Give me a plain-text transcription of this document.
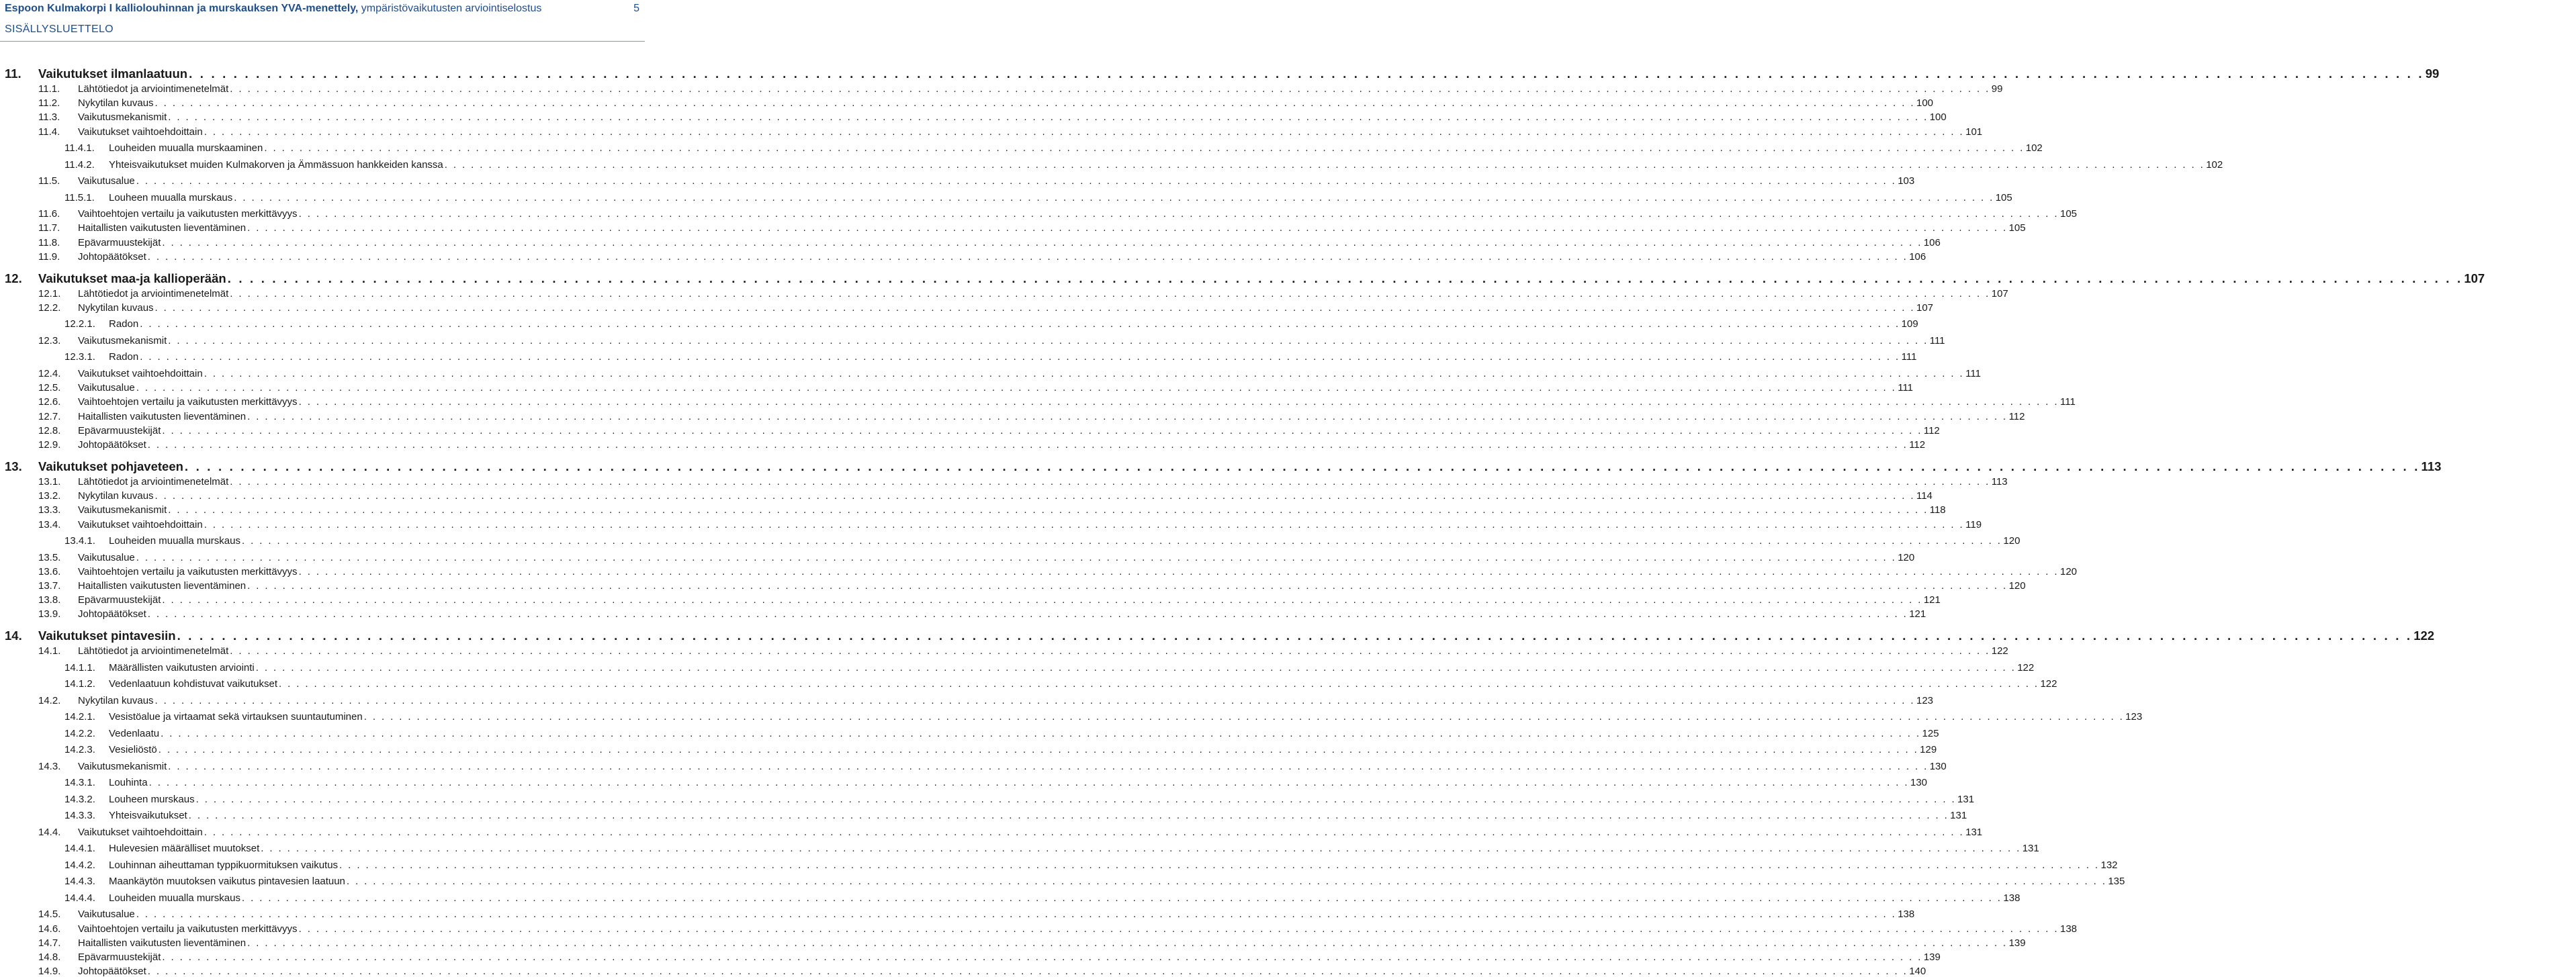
Espoon Kulmakorpi I kalliolouhinnan ja murskauksen YVA-menettely, ympäristövaikutusten arviointiselostus
SISÄLLYSLUETTELO
5
11. Vaikutukset ilmanlaatuun . . . . . . . . . . . . . . . . . . . . . . . . . . . . . . . . . . . . . . . . . . . . . . . . . . . . . . . . . . . . . . . . . . . . . . . . . . . . . . . . . . . . . . . . . . . . . . . . . . . . . . . . . . . . . . . . . . . . . . . . . . . . . . . . . . . . . . . . . . . . . . . . . . . . . . . . . . . . . . . . . . . . . . . . . . . . . . . . . . . . . . . . . . . . . . . . . . . . . . . . 99
11.1. Lähtötiedot ja arviointimenetelmät . . . . . . . . . . . . . . . . . . . . . . . . . . . . . . . . . . . . . . . . . . . . . . . . . . . . . . . . . . . . . . . . . . . . . . . . . . . . . . . . . . . . . . . . . . . . . . . . . . . . . . . . . . . . . . . . . . . . . . . . . . . . . . . . . . . . . . . . . . . . . . . . . . . . . . . . . . . . . . . . . . . . . . . . . . . . . . . . . . . . . . . . . . . . . . . . . . . . . . . . 99
11.2. Nykytilan kuvaus . . . . . . . . . . . . . . . . . . . . . . . . . . . . . . . . . . . . . . . . . . . . . . . . . . . . . . . . . . . . . . . . . . . . . . . . . . . . . . . . . . . . . . . . . . . . . . . . . . . . . . . . . . . . . . . . . . . . . . . . . . . . . . . . . . . . . . . . . . . . . . . . . . . . . . . . . . . . . . . . . . . . . . . . . . . . . . . . . . . . . . . . . . . . . . . . . . . . . . . . 100
11.3. Vaikutusmekanismit . . . . . . . . . . . . . . . . . . . . . . . . . . . . . . . . . . . . . . . . . . . . . . . . . . . . . . . . . . . . . . . . . . . . . . . . . . . . . . . . . . . . . . . . . . . . . . . . . . . . . . . . . . . . . . . . . . . . . . . . . . . . . . . . . . . . . . . . . . . . . . . . . . . . . . . . . . . . . . . . . . . . . . . . . . . . . . . . . . . . . . . . . . . . . . . . . . . . . . . . 100
11.4. Vaikutukset vaihtoehdoittain . . . . . . . . . . . . . . . . . . . . . . . . . . . . . . . . . . . . . . . . . . . . . . . . . . . . . . . . . . . . . . . . . . . . . . . . . . . . . . . . . . . . . . . . . . . . . . . . . . . . . . . . . . . . . . . . . . . . . . . . . . . . . . . . . . . . . . . . . . . . . . . . . . . . . . . . . . . . . . . . . . . . . . . . . . . . . . . . . . . . . . . . . . . . . . . . . . . . . . . . 101
11.4.1. Louheiden muualla murskaaminen . . . . . . . . . . . . . . . . . . . . . . . . . . . . . . . . . . . . . . . . . . . . . . . . . . . . . . . . . . . . . . . . . . . . . . . . . . . . . . . . . . . . . . . . . . . . . . . . . . . . . . . . . . . . . . . . . . . . . . . . . . . . . . . . . . . . . . . . . . . . . . . . . . . . . . . . . . . . . . . . . . . . . . . . . . . . . . . . . . . . . . . . . . . . . . . . . . . . . . . . 102
11.4.2. Yhteisvaikutukset muiden Kulmakorven ja Ämmässuon hankkeiden kanssa . . . . . . . . . . . . . . . . . . . . . . . . . . . . . . . . . . . . . . . . . . . . . . . . . . . . . . . . . . . . . . . . . . . . . . . . . . . . . . . . . . . . . . . . . . . . . . . . . . . . . . . . . . . . . . . . . . . . . . . . . . . . . . . . . . . . . . . . . . . . . . . . . . . . . . . . . . . . . . . . . . . . . . . . . . . . . . . . . . . . . . . . . . . . . . . . . . . . . . . . 102
11.5. Vaikutusalue . . . . . . . . . . . . . . . . . . . . . . . . . . . . . . . . . . . . . . . . . . . . . . . . . . . . . . . . . . . . . . . . . . . . . . . . . . . . . . . . . . . . . . . . . . . . . . . . . . . . . . . . . . . . . . . . . . . . . . . . . . . . . . . . . . . . . . . . . . . . . . . . . . . . . . . . . . . . . . . . . . . . . . . . . . . . . . . . . . . . . . . . . . . . . . . . . . . . . . . . 103
11.5.1. Louheen muualla murskaus . . . . . . . . . . . . . . . . . . . . . . . . . . . . . . . . . . . . . . . . . . . . . . . . . . . . . . . . . . . . . . . . . . . . . . . . . . . . . . . . . . . . . . . . . . . . . . . . . . . . . . . . . . . . . . . . . . . . . . . . . . . . . . . . . . . . . . . . . . . . . . . . . . . . . . . . . . . . . . . . . . . . . . . . . . . . . . . . . . . . . . . . . . . . . . . . . . . . . . . . 105
11.6. Vaihtoehtojen vertailu ja vaikutusten merkittävyys . . . . . . . . . . . . . . . . . . . . . . . . . . . . . . . . . . . . . . . . . . . . . . . . . . . . . . . . . . . . . . . . . . . . . . . . . . . . . . . . . . . . . . . . . . . . . . . . . . . . . . . . . . . . . . . . . . . . . . . . . . . . . . . . . . . . . . . . . . . . . . . . . . . . . . . . . . . . . . . . . . . . . . . . . . . . . . . . . . . . . . . . . . . . . . . . . . . . . . . . 105
11.7. Haitallisten vaikutusten lieventäminen . . . . . . . . . . . . . . . . . . . . . . . . . . . . . . . . . . . . . . . . . . . . . . . . . . . . . . . . . . . . . . . . . . . . . . . . . . . . . . . . . . . . . . . . . . . . . . . . . . . . . . . . . . . . . . . . . . . . . . . . . . . . . . . . . . . . . . . . . . . . . . . . . . . . . . . . . . . . . . . . . . . . . . . . . . . . . . . . . . . . . . . . . . . . . . . . . . . . . . . . 105
11.8. Epävarmuustekijät . . . . . . . . . . . . . . . . . . . . . . . . . . . . . . . . . . . . . . . . . . . . . . . . . . . . . . . . . . . . . . . . . . . . . . . . . . . . . . . . . . . . . . . . . . . . . . . . . . . . . . . . . . . . . . . . . . . . . . . . . . . . . . . . . . . . . . . . . . . . . . . . . . . . . . . . . . . . . . . . . . . . . . . . . . . . . . . . . . . . . . . . . . . . . . . . . . . . . . . . 106
11.9. Johtopäätökset . . . . . . . . . . . . . . . . . . . . . . . . . . . . . . . . . . . . . . . . . . . . . . . . . . . . . . . . . . . . . . . . . . . . . . . . . . . . . . . . . . . . . . . . . . . . . . . . . . . . . . . . . . . . . . . . . . . . . . . . . . . . . . . . . . . . . . . . . . . . . . . . . . . . . . . . . . . . . . . . . . . . . . . . . . . . . . . . . . . . . . . . . . . . . . . . . . . . . . . . 106
12. Vaikutukset maa-ja kallioperään . . . . . . . . . . . . . . . . . . . . . . . . . . . . . . . . . . . . . . . . . . . . . . . . . . . . . . . . . . . . . . . . . . . . . . . . . . . . . . . . . . . . . . . . . . . . . . . . . . . . . . . . . . . . . . . . . . . . . . . . . . . . . . . . . . . . . . . . . . . . . . . . . . . . . . . . . . . . . . . . . . . . . . . . . . . . . . . . . . . . . . . . . . . . . . . . . . . . . . . . 107
12.1. Lähtötiedot ja arviointimenetelmät . . . . . . . . . . . . . . . . . . . . . . . . . . . . . . . . . . . . . . . . . . . . . . . . . . . . . . . . . . . . . . . . . . . . . . . . . . . . . . . . . . . . . . . . . . . . . . . . . . . . . . . . . . . . . . . . . . . . . . . . . . . . . . . . . . . . . . . . . . . . . . . . . . . . . . . . . . . . . . . . . . . . . . . . . . . . . . . . . . . . . . . . . . . . . . . . . . . . . . . . 107
12.2. Nykytilan kuvaus . . . . . . . . . . . . . . . . . . . . . . . . . . . . . . . . . . . . . . . . . . . . . . . . . . . . . . . . . . . . . . . . . . . . . . . . . . . . . . . . . . . . . . . . . . . . . . . . . . . . . . . . . . . . . . . . . . . . . . . . . . . . . . . . . . . . . . . . . . . . . . . . . . . . . . . . . . . . . . . . . . . . . . . . . . . . . . . . . . . . . . . . . . . . . . . . . . . . . . . . 107
12.2.1. Radon . . . . . . . . . . . . . . . . . . . . . . . . . . . . . . . . . . . . . . . . . . . . . . . . . . . . . . . . . . . . . . . . . . . . . . . . . . . . . . . . . . . . . . . . . . . . . . . . . . . . . . . . . . . . . . . . . . . . . . . . . . . . . . . . . . . . . . . . . . . . . . . . . . . . . . . . . . . . . . . . . . . . . . . . . . . . . . . . . . . . . . . . . . . . . . . . . . . . . . . . 109
12.3. Vaikutusmekanismit . . . . . . . . . . . . . . . . . . . . . . . . . . . . . . . . . . . . . . . . . . . . . . . . . . . . . . . . . . . . . . . . . . . . . . . . . . . . . . . . . . . . . . . . . . . . . . . . . . . . . . . . . . . . . . . . . . . . . . . . . . . . . . . . . . . . . . . . . . . . . . . . . . . . . . . . . . . . . . . . . . . . . . . . . . . . . . . . . . . . . . . . . . . . . . . . . . . . . . . . 111
12.3.1. Radon . . . . . . . . . . . . . . . . . . . . . . . . . . . . . . . . . . . . . . . . . . . . . . . . . . . . . . . . . . . . . . . . . . . . . . . . . . . . . . . . . . . . . . . . . . . . . . . . . . . . . . . . . . . . . . . . . . . . . . . . . . . . . . . . . . . . . . . . . . . . . . . . . . . . . . . . . . . . . . . . . . . . . . . . . . . . . . . . . . . . . . . . . . . . . . . . . . . . . . . . 111
12.4. Vaikutukset vaihtoehdoittain . . . . . . . . . . . . . . . . . . . . . . . . . . . . . . . . . . . . . . . . . . . . . . . . . . . . . . . . . . . . . . . . . . . . . . . . . . . . . . . . . . . . . . . . . . . . . . . . . . . . . . . . . . . . . . . . . . . . . . . . . . . . . . . . . . . . . . . . . . . . . . . . . . . . . . . . . . . . . . . . . . . . . . . . . . . . . . . . . . . . . . . . . . . . . . . . . . . . . . . . 111
12.5. Vaikutusalue . . . . . . . . . . . . . . . . . . . . . . . . . . . . . . . . . . . . . . . . . . . . . . . . . . . . . . . . . . . . . . . . . . . . . . . . . . . . . . . . . . . . . . . . . . . . . . . . . . . . . . . . . . . . . . . . . . . . . . . . . . . . . . . . . . . . . . . . . . . . . . . . . . . . . . . . . . . . . . . . . . . . . . . . . . . . . . . . . . . . . . . . . . . . . . . . . . . . . . . . 111
12.6. Vaihtoehtojen vertailu ja vaikutusten merkittävyys . . . . . . . . . . . . . . . . . . . . . . . . . . . . . . . . . . . . . . . . . . . . . . . . . . . . . . . . . . . . . . . . . . . . . . . . . . . . . . . . . . . . . . . . . . . . . . . . . . . . . . . . . . . . . . . . . . . . . . . . . . . . . . . . . . . . . . . . . . . . . . . . . . . . . . . . . . . . . . . . . . . . . . . . . . . . . . . . . . . . . . . . . . . . . . . . . . . . . . . . 111
12.7. Haitallisten vaikutusten lieventäminen . . . . . . . . . . . . . . . . . . . . . . . . . . . . . . . . . . . . . . . . . . . . . . . . . . . . . . . . . . . . . . . . . . . . . . . . . . . . . . . . . . . . . . . . . . . . . . . . . . . . . . . . . . . . . . . . . . . . . . . . . . . . . . . . . . . . . . . . . . . . . . . . . . . . . . . . . . . . . . . . . . . . . . . . . . . . . . . . . . . . . . . . . . . . . . . . . . . . . . . . 112
12.8. Epävarmuustekijät . . . . . . . . . . . . . . . . . . . . . . . . . . . . . . . . . . . . . . . . . . . . . . . . . . . . . . . . . . . . . . . . . . . . . . . . . . . . . . . . . . . . . . . . . . . . . . . . . . . . . . . . . . . . . . . . . . . . . . . . . . . . . . . . . . . . . . . . . . . . . . . . . . . . . . . . . . . . . . . . . . . . . . . . . . . . . . . . . . . . . . . . . . . . . . . . . . . . . . . . 112
12.9. Johtopäätökset . . . . . . . . . . . . . . . . . . . . . . . . . . . . . . . . . . . . . . . . . . . . . . . . . . . . . . . . . . . . . . . . . . . . . . . . . . . . . . . . . . . . . . . . . . . . . . . . . . . . . . . . . . . . . . . . . . . . . . . . . . . . . . . . . . . . . . . . . . . . . . . . . . . . . . . . . . . . . . . . . . . . . . . . . . . . . . . . . . . . . . . . . . . . . . . . . . . . . . . . 112
13. Vaikutukset pohjaveteen . . . . . . . . . . . . . . . . . . . . . . . . . . . . . . . . . . . . . . . . . . . . . . . . . . . . . . . . . . . . . . . . . . . . . . . . . . . . . . . . . . . . . . . . . . . . . . . . . . . . . . . . . . . . . . . . . . . . . . . . . . . . . . . . . . . . . . . . . . . . . . . . . . . . . . . . . . . . . . . . . . . . . . . . . . . . . . . . . . . . . . . . . . . . . . . . . . . . . . . . 113
13.1. Lähtötiedot ja arviointimenetelmät . . . . . . . . . . . . . . . . . . . . . . . . . . . . . . . . . . . . . . . . . . . . . . . . . . . . . . . . . . . . . . . . . . . . . . . . . . . . . . . . . . . . . . . . . . . . . . . . . . . . . . . . . . . . . . . . . . . . . . . . . . . . . . . . . . . . . . . . . . . . . . . . . . . . . . . . . . . . . . . . . . . . . . . . . . . . . . . . . . . . . . . . . . . . . . . . . . . . . . . . 113
13.2. Nykytilan kuvaus . . . . . . . . . . . . . . . . . . . . . . . . . . . . . . . . . . . . . . . . . . . . . . . . . . . . . . . . . . . . . . . . . . . . . . . . . . . . . . . . . . . . . . . . . . . . . . . . . . . . . . . . . . . . . . . . . . . . . . . . . . . . . . . . . . . . . . . . . . . . . . . . . . . . . . . . . . . . . . . . . . . . . . . . . . . . . . . . . . . . . . . . . . . . . . . . . . . . . . . . 114
13.3. Vaikutusmekanismit . . . . . . . . . . . . . . . . . . . . . . . . . . . . . . . . . . . . . . . . . . . . . . . . . . . . . . . . . . . . . . . . . . . . . . . . . . . . . . . . . . . . . . . . . . . . . . . . . . . . . . . . . . . . . . . . . . . . . . . . . . . . . . . . . . . . . . . . . . . . . . . . . . . . . . . . . . . . . . . . . . . . . . . . . . . . . . . . . . . . . . . . . . . . . . . . . . . . . . . . 118
13.4. Vaikutukset vaihtoehdoittain . . . . . . . . . . . . . . . . . . . . . . . . . . . . . . . . . . . . . . . . . . . . . . . . . . . . . . . . . . . . . . . . . . . . . . . . . . . . . . . . . . . . . . . . . . . . . . . . . . . . . . . . . . . . . . . . . . . . . . . . . . . . . . . . . . . . . . . . . . . . . . . . . . . . . . . . . . . . . . . . . . . . . . . . . . . . . . . . . . . . . . . . . . . . . . . . . . . . . . . . 119
13.4.1. Louheiden muualla murskaus . . . . . . . . . . . . . . . . . . . . . . . . . . . . . . . . . . . . . . . . . . . . . . . . . . . . . . . . . . . . . . . . . . . . . . . . . . . . . . . . . . . . . . . . . . . . . . . . . . . . . . . . . . . . . . . . . . . . . . . . . . . . . . . . . . . . . . . . . . . . . . . . . . . . . . . . . . . . . . . . . . . . . . . . . . . . . . . . . . . . . . . . . . . . . . . . . . . . . . . . 120
13.5. Vaikutusalue . . . . . . . . . . . . . . . . . . . . . . . . . . . . . . . . . . . . . . . . . . . . . . . . . . . . . . . . . . . . . . . . . . . . . . . . . . . . . . . . . . . . . . . . . . . . . . . . . . . . . . . . . . . . . . . . . . . . . . . . . . . . . . . . . . . . . . . . . . . . . . . . . . . . . . . . . . . . . . . . . . . . . . . . . . . . . . . . . . . . . . . . . . . . . . . . . . . . . . . . 120
13.6. Vaihtoehtojen vertailu ja vaikutusten merkittävyys . . . . . . . . . . . . . . . . . . . . . . . . . . . . . . . . . . . . . . . . . . . . . . . . . . . . . . . . . . . . . . . . . . . . . . . . . . . . . . . . . . . . . . . . . . . . . . . . . . . . . . . . . . . . . . . . . . . . . . . . . . . . . . . . . . . . . . . . . . . . . . . . . . . . . . . . . . . . . . . . . . . . . . . . . . . . . . . . . . . . . . . . . . . . . . . . . . . . . . . . 120
13.7. Haitallisten vaikutusten lieventäminen . . . . . . . . . . . . . . . . . . . . . . . . . . . . . . . . . . . . . . . . . . . . . . . . . . . . . . . . . . . . . . . . . . . . . . . . . . . . . . . . . . . . . . . . . . . . . . . . . . . . . . . . . . . . . . . . . . . . . . . . . . . . . . . . . . . . . . . . . . . . . . . . . . . . . . . . . . . . . . . . . . . . . . . . . . . . . . . . . . . . . . . . . . . . . . . . . . . . . . . . 120
13.8. Epävarmuustekijät . . . . . . . . . . . . . . . . . . . . . . . . . . . . . . . . . . . . . . . . . . . . . . . . . . . . . . . . . . . . . . . . . . . . . . . . . . . . . . . . . . . . . . . . . . . . . . . . . . . . . . . . . . . . . . . . . . . . . . . . . . . . . . . . . . . . . . . . . . . . . . . . . . . . . . . . . . . . . . . . . . . . . . . . . . . . . . . . . . . . . . . . . . . . . . . . . . . . . . . . 121
13.9. Johtopäätökset . . . . . . . . . . . . . . . . . . . . . . . . . . . . . . . . . . . . . . . . . . . . . . . . . . . . . . . . . . . . . . . . . . . . . . . . . . . . . . . . . . . . . . . . . . . . . . . . . . . . . . . . . . . . . . . . . . . . . . . . . . . . . . . . . . . . . . . . . . . . . . . . . . . . . . . . . . . . . . . . . . . . . . . . . . . . . . . . . . . . . . . . . . . . . . . . . . . . . . . . 121
14. Vaikutukset pintavesiin . . . . . . . . . . . . . . . . . . . . . . . . . . . . . . . . . . . . . . . . . . . . . . . . . . . . . . . . . . . . . . . . . . . . . . . . . . . . . . . . . . . . . . . . . . . . . . . . . . . . . . . . . . . . . . . . . . . . . . . . . . . . . . . . . . . . . . . . . . . . . . . . . . . . . . . . . . . . . . . . . . . . . . . . . . . . . . . . . . . . . . . . . . . . . . . . . . . . . . . . 122
14.1. Lähtötiedot ja arviointimenetelmät . . . . . . . . . . . . . . . . . . . . . . . . . . . . . . . . . . . . . . . . . . . . . . . . . . . . . . . . . . . . . . . . . . . . . . . . . . . . . . . . . . . . . . . . . . . . . . . . . . . . . . . . . . . . . . . . . . . . . . . . . . . . . . . . . . . . . . . . . . . . . . . . . . . . . . . . . . . . . . . . . . . . . . . . . . . . . . . . . . . . . . . . . . . . . . . . . . . . . . . . 122
14.1.1. Määrällisten vaikutusten arviointi . . . . . . . . . . . . . . . . . . . . . . . . . . . . . . . . . . . . . . . . . . . . . . . . . . . . . . . . . . . . . . . . . . . . . . . . . . . . . . . . . . . . . . . . . . . . . . . . . . . . . . . . . . . . . . . . . . . . . . . . . . . . . . . . . . . . . . . . . . . . . . . . . . . . . . . . . . . . . . . . . . . . . . . . . . . . . . . . . . . . . . . . . . . . . . . . . . . . . . . . 122
14.1.2. Vedenlaatuun kohdistuvat vaikutukset . . . . . . . . . . . . . . . . . . . . . . . . . . . . . . . . . . . . . . . . . . . . . . . . . . . . . . . . . . . . . . . . . . . . . . . . . . . . . . . . . . . . . . . . . . . . . . . . . . . . . . . . . . . . . . . . . . . . . . . . . . . . . . . . . . . . . . . . . . . . . . . . . . . . . . . . . . . . . . . . . . . . . . . . . . . . . . . . . . . . . . . . . . . . . . . . . . . . . . . . 122
14.2. Nykytilan kuvaus . . . . . . . . . . . . . . . . . . . . . . . . . . . . . . . . . . . . . . . . . . . . . . . . . . . . . . . . . . . . . . . . . . . . . . . . . . . . . . . . . . . . . . . . . . . . . . . . . . . . . . . . . . . . . . . . . . . . . . . . . . . . . . . . . . . . . . . . . . . . . . . . . . . . . . . . . . . . . . . . . . . . . . . . . . . . . . . . . . . . . . . . . . . . . . . . . . . . . . . . 123
14.2.1. Vesistöalue ja virtaamat sekä virtauksen suuntautuminen . . . . . . . . . . . . . . . . . . . . . . . . . . . . . . . . . . . . . . . . . . . . . . . . . . . . . . . . . . . . . . . . . . . . . . . . . . . . . . . . . . . . . . . . . . . . . . . . . . . . . . . . . . . . . . . . . . . . . . . . . . . . . . . . . . . . . . . . . . . . . . . . . . . . . . . . . . . . . . . . . . . . . . . . . . . . . . . . . . . . . . . . . . . . . . . . . . . . . . . . 123
14.2.2. Vedenlaatu . . . . . . . . . . . . . . . . . . . . . . . . . . . . . . . . . . . . . . . . . . . . . . . . . . . . . . . . . . . . . . . . . . . . . . . . . . . . . . . . . . . . . . . . . . . . . . . . . . . . . . . . . . . . . . . . . . . . . . . . . . . . . . . . . . . . . . . . . . . . . . . . . . . . . . . . . . . . . . . . . . . . . . . . . . . . . . . . . . . . . . . . . . . . . . . . . . . . . . . . 125
14.2.3. Vesieliöstö . . . . . . . . . . . . . . . . . . . . . . . . . . . . . . . . . . . . . . . . . . . . . . . . . . . . . . . . . . . . . . . . . . . . . . . . . . . . . . . . . . . . . . . . . . . . . . . . . . . . . . . . . . . . . . . . . . . . . . . . . . . . . . . . . . . . . . . . . . . . . . . . . . . . . . . . . . . . . . . . . . . . . . . . . . . . . . . . . . . . . . . . . . . . . . . . . . . . . . . . 129
14.3. Vaikutusmekanismit . . . . . . . . . . . . . . . . . . . . . . . . . . . . . . . . . . . . . . . . . . . . . . . . . . . . . . . . . . . . . . . . . . . . . . . . . . . . . . . . . . . . . . . . . . . . . . . . . . . . . . . . . . . . . . . . . . . . . . . . . . . . . . . . . . . . . . . . . . . . . . . . . . . . . . . . . . . . . . . . . . . . . . . . . . . . . . . . . . . . . . . . . . . . . . . . . . . . . . . . 130
14.3.1. Louhinta . . . . . . . . . . . . . . . . . . . . . . . . . . . . . . . . . . . . . . . . . . . . . . . . . . . . . . . . . . . . . . . . . . . . . . . . . . . . . . . . . . . . . . . . . . . . . . . . . . . . . . . . . . . . . . . . . . . . . . . . . . . . . . . . . . . . . . . . . . . . . . . . . . . . . . . . . . . . . . . . . . . . . . . . . . . . . . . . . . . . . . . . . . . . . . . . . . . . . . . . 130
14.3.2. Louheen murskaus . . . . . . . . . . . . . . . . . . . . . . . . . . . . . . . . . . . . . . . . . . . . . . . . . . . . . . . . . . . . . . . . . . . . . . . . . . . . . . . . . . . . . . . . . . . . . . . . . . . . . . . . . . . . . . . . . . . . . . . . . . . . . . . . . . . . . . . . . . . . . . . . . . . . . . . . . . . . . . . . . . . . . . . . . . . . . . . . . . . . . . . . . . . . . . . . . . . . . . . . 131
14.3.3. Yhteisvaikutukset . . . . . . . . . . . . . . . . . . . . . . . . . . . . . . . . . . . . . . . . . . . . . . . . . . . . . . . . . . . . . . . . . . . . . . . . . . . . . . . . . . . . . . . . . . . . . . . . . . . . . . . . . . . . . . . . . . . . . . . . . . . . . . . . . . . . . . . . . . . . . . . . . . . . . . . . . . . . . . . . . . . . . . . . . . . . . . . . . . . . . . . . . . . . . . . . . . . . . . . . 131
14.4. Vaikutukset vaihtoehdoittain . . . . . . . . . . . . . . . . . . . . . . . . . . . . . . . . . . . . . . . . . . . . . . . . . . . . . . . . . . . . . . . . . . . . . . . . . . . . . . . . . . . . . . . . . . . . . . . . . . . . . . . . . . . . . . . . . . . . . . . . . . . . . . . . . . . . . . . . . . . . . . . . . . . . . . . . . . . . . . . . . . . . . . . . . . . . . . . . . . . . . . . . . . . . . . . . . . . . . . . . 131
14.4.1. Hulevesien määrälliset muutokset . . . . . . . . . . . . . . . . . . . . . . . . . . . . . . . . . . . . . . . . . . . . . . . . . . . . . . . . . . . . . . . . . . . . . . . . . . . . . . . . . . . . . . . . . . . . . . . . . . . . . . . . . . . . . . . . . . . . . . . . . . . . . . . . . . . . . . . . . . . . . . . . . . . . . . . . . . . . . . . . . . . . . . . . . . . . . . . . . . . . . . . . . . . . . . . . . . . . . . . . 131
14.4.2. Louhinnan aiheuttaman typpikuormituksen vaikutus . . . . . . . . . . . . . . . . . . . . . . . . . . . . . . . . . . . . . . . . . . . . . . . . . . . . . . . . . . . . . . . . . . . . . . . . . . . . . . . . . . . . . . . . . . . . . . . . . . . . . . . . . . . . . . . . . . . . . . . . . . . . . . . . . . . . . . . . . . . . . . . . . . . . . . . . . . . . . . . . . . . . . . . . . . . . . . . . . . . . . . . . . . . . . . . . . . . . . . . . 132
14.4.3. Maankäytön muutoksen vaikutus pintavesien laatuun . . . . . . . . . . . . . . . . . . . . . . . . . . . . . . . . . . . . . . . . . . . . . . . . . . . . . . . . . . . . . . . . . . . . . . . . . . . . . . . . . . . . . . . . . . . . . . . . . . . . . . . . . . . . . . . . . . . . . . . . . . . . . . . . . . . . . . . . . . . . . . . . . . . . . . . . . . . . . . . . . . . . . . . . . . . . . . . . . . . . . . . . . . . . . . . . . . . . . . . . 135
14.4.4. Louheiden muualla murskaus . . . . . . . . . . . . . . . . . . . . . . . . . . . . . . . . . . . . . . . . . . . . . . . . . . . . . . . . . . . . . . . . . . . . . . . . . . . . . . . . . . . . . . . . . . . . . . . . . . . . . . . . . . . . . . . . . . . . . . . . . . . . . . . . . . . . . . . . . . . . . . . . . . . . . . . . . . . . . . . . . . . . . . . . . . . . . . . . . . . . . . . . . . . . . . . . . . . . . . . . 138
14.5. Vaikutusalue . . . . . . . . . . . . . . . . . . . . . . . . . . . . . . . . . . . . . . . . . . . . . . . . . . . . . . . . . . . . . . . . . . . . . . . . . . . . . . . . . . . . . . . . . . . . . . . . . . . . . . . . . . . . . . . . . . . . . . . . . . . . . . . . . . . . . . . . . . . . . . . . . . . . . . . . . . . . . . . . . . . . . . . . . . . . . . . . . . . . . . . . . . . . . . . . . . . . . . . . 138
14.6. Vaihtoehtojen vertailu ja vaikutusten merkittävyys . . . . . . . . . . . . . . . . . . . . . . . . . . . . . . . . . . . . . . . . . . . . . . . . . . . . . . . . . . . . . . . . . . . . . . . . . . . . . . . . . . . . . . . . . . . . . . . . . . . . . . . . . . . . . . . . . . . . . . . . . . . . . . . . . . . . . . . . . . . . . . . . . . . . . . . . . . . . . . . . . . . . . . . . . . . . . . . . . . . . . . . . . . . . . . . . . . . . . . . . 138
14.7. Haitallisten vaikutusten lieventäminen . . . . . . . . . . . . . . . . . . . . . . . . . . . . . . . . . . . . . . . . . . . . . . . . . . . . . . . . . . . . . . . . . . . . . . . . . . . . . . . . . . . . . . . . . . . . . . . . . . . . . . . . . . . . . . . . . . . . . . . . . . . . . . . . . . . . . . . . . . . . . . . . . . . . . . . . . . . . . . . . . . . . . . . . . . . . . . . . . . . . . . . . . . . . . . . . . . . . . . . . 139
14.8. Epävarmuustekijät . . . . . . . . . . . . . . . . . . . . . . . . . . . . . . . . . . . . . . . . . . . . . . . . . . . . . . . . . . . . . . . . . . . . . . . . . . . . . . . . . . . . . . . . . . . . . . . . . . . . . . . . . . . . . . . . . . . . . . . . . . . . . . . . . . . . . . . . . . . . . . . . . . . . . . . . . . . . . . . . . . . . . . . . . . . . . . . . . . . . . . . . . . . . . . . . . . . . . . . . 139
14.9. Johtopäätökset . . . . . . . . . . . . . . . . . . . . . . . . . . . . . . . . . . . . . . . . . . . . . . . . . . . . . . . . . . . . . . . . . . . . . . . . . . . . . . . . . . . . . . . . . . . . . . . . . . . . . . . . . . . . . . . . . . . . . . . . . . . . . . . . . . . . . . . . . . . . . . . . . . . . . . . . . . . . . . . . . . . . . . . . . . . . . . . . . . . . . . . . . . . . . . . . . . . . . . . . 140
